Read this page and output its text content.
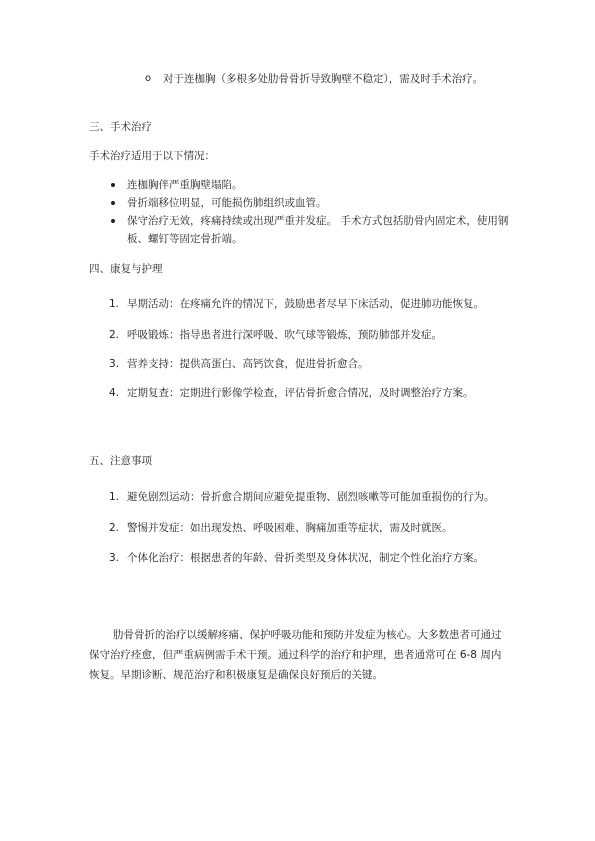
o 对于连枷胸（多根多处肋骨骨折导致胸壁不稳定），需及时手术治疗。

三、手术治疗

手术治疗适用于以下情况：

连枷胸伴严重胸壁塌陷。
骨折端移位明显，可能损伤肺组织或血管。
保守治疗无效，疼痛持续或出现严重并发症。 手术方式包括肋骨内固定术，使用钢板、螺钉等固定骨折端。
四、康复与护理
1. 早期活动：在疼痛允许的情况下，鼓励患者尽早下床活动，促进肺功能恢复。
2. 呼吸锻炼：指导患者进行深呼吸、吹气球等锻炼，预防肺部并发症。
3. 营养支持：提供高蛋白、高钙饮食，促进骨折愈合。
4. 定期复查：定期进行影像学检查，评估骨折愈合情况，及时调整治疗方案。
五、注意事项
1. 避免剧烈运动：骨折愈合期间应避免提重物、剧烈咳嗽等可能加重损伤的行为。
2. 警惕并发症：如出现发热、呼吸困难、胸痛加重等症状，需及时就医。
3. 个体化治疗：根据患者的年龄、骨折类型及身体状况，制定个性化治疗方案。

肋骨骨折的治疗以缓解疼痛、保护呼吸功能和预防并发症为核心。大多数患者可通过保守治疗痊愈，但严重病例需手术干预。通过科学的治疗和护理，患者通常可在 6-8 周内恢复。早期诊断、规范治疗和积极康复是确保良好预后的关键。
